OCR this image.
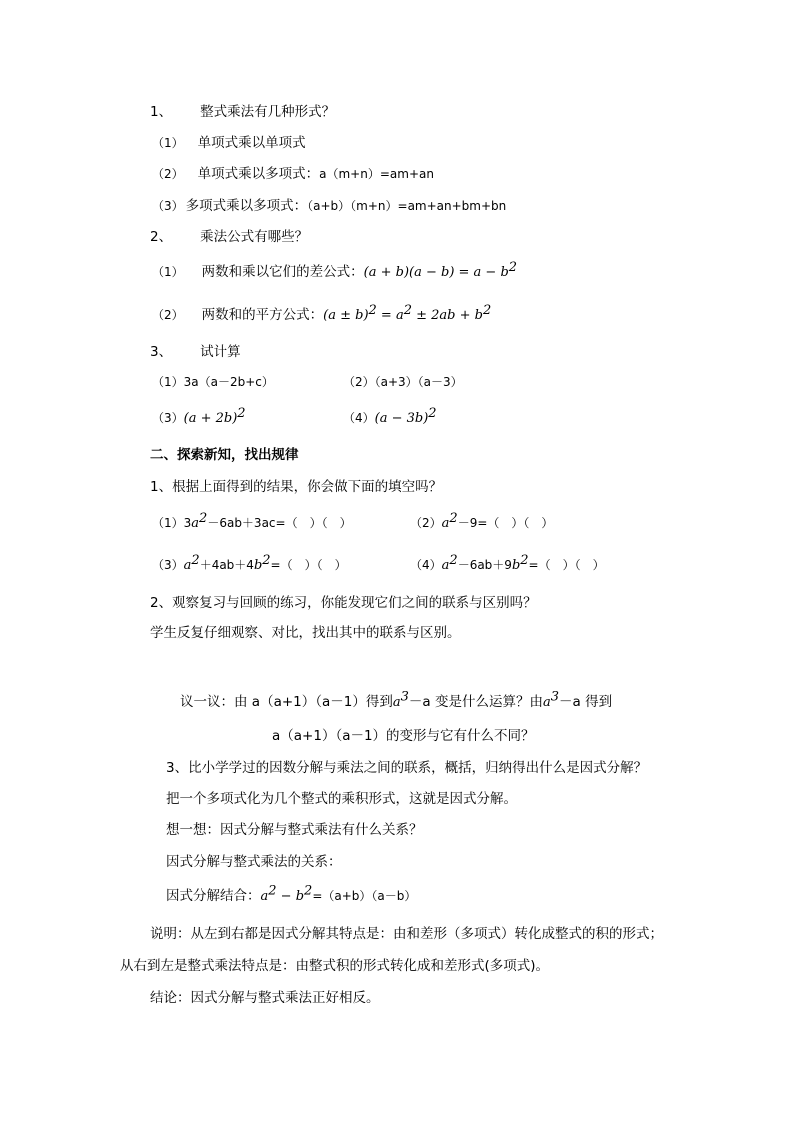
1、 整式乘法有几种形式？
（1） 单项式乘以单项式
（2） 单项式乘以多项式：a（m+n）=am+an
（3） 多项式乘以多项式：（a+b）（m+n）=am+an+bm+bn
2、 乘法公式有哪些？
（1） 两数和乘以它们的差公式：$(a + b)(a - b) = a - b^2$
（2） 两数和的平方公式：$(a \pm b)^2 = a^2 \pm 2ab + b^2$
3、 试计算
（1）3a（a－2b+c）	（2）（a+3）（a－3）
$(3)(a + 2b)^2$	$(4)(a - 3b)^2$
二、探索新知，找出规律
1、根据上面得到的结果，你会做下面的填空吗？
$(1)3a^2-6ab+3ac=$（　）（　）	$(2)a^2-9=$（　）（　）
$(3)a^2+4ab+4b^2=$（　）（　）	$(4)a^2-6ab+9b^2=$（　）（　）
2、观察复习与回顾的练习，你能发现它们之间的联系与区别吗？
学生反复仔细观察、对比，找出其中的联系与区别。
议一议：由 a（a+1）（a－1）得到$a^3-a$ 变是什么运算？由$a^3-a$ 得到
a（a+1）（a－1）的变形与它有什么不同？
3、比小学学过的因数分解与乘法之间的联系，概括，归纳得出什么是因式分解？
把一个多项式化为几个整式的乘积形式，这就是因式分解。
想一想：因式分解与整式乘法有什么关系？
因式分解与整式乘法的关系：
因式分解结合：$a^2 - b^2=(a+b)(a-b)$
说明：从左到右都是因式分解其特点是：由和差形（多项式）转化成整式的积的形式；
从右到左是整式乘法特点是：由整式积的形式转化成和差形式(多项式)。
结论：因式分解与整式乘法正好相反。
